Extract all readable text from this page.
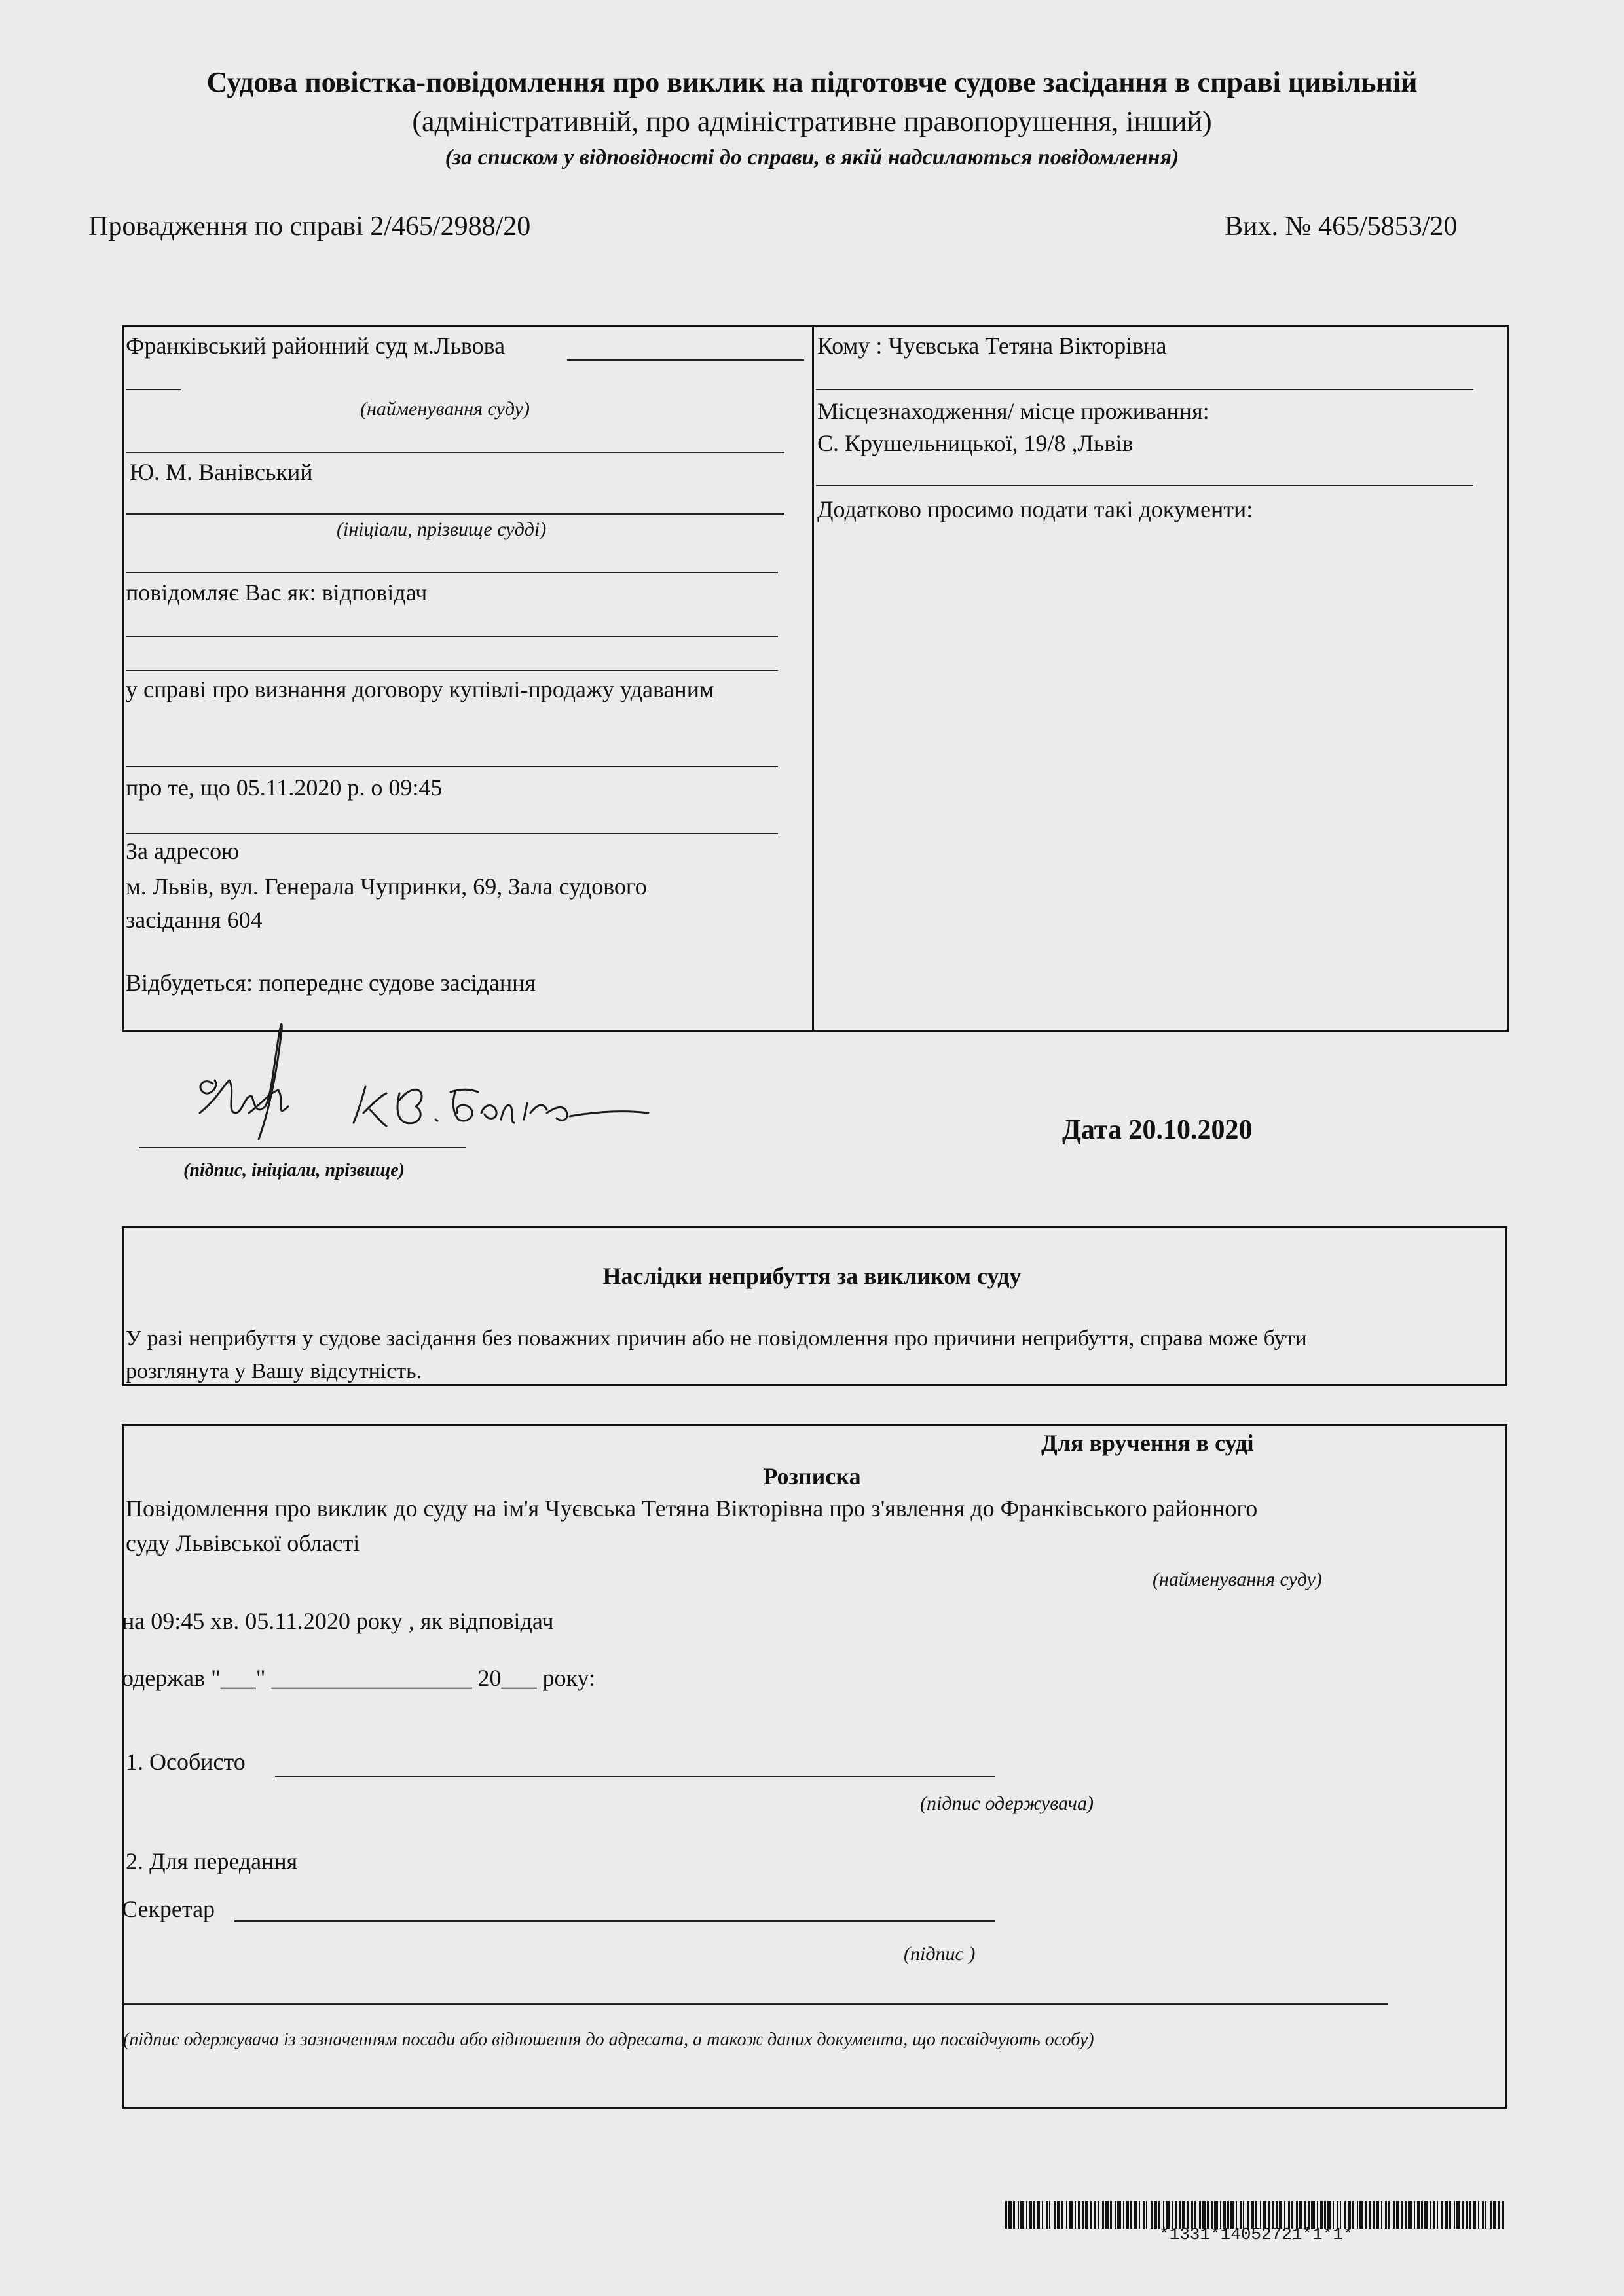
Судова повістка-повідомлення про виклик на підготовче судове засідання в справі цивільній
(адміністративній, про адміністративне правопорушення, інший)
(за списком у відповідності до справи, в якій надсилаються повідомлення)
Провадження по справі 2/465/2988/20	Вих. № 465/5853/20
Франківський районний суд м.Львова
(найменування суду)
Ю. М. Ванівський
(ініціали, прізвище судді)
повідомляє Вас як: відповідач
у справі про визнання договору купівлі-продажу удаваним
про те, що 05.11.2020 р. о 09:45
За адресою
м. Львів, вул. Генерала Чупринки, 69, Зала судового
засідання 604
Відбудеться: попереднє судове засідання
Кому : Чуєвська Тетяна Вікторівна
Місцезнаходження/ місце проживання:
С. Крушельницької, 19/8 ,Львів
Додатково просимо подати такі документи:
(підпис, ініціали, прізвище)
Дата 20.10.2020
Наслідки неприбуття за викликом суду
У разі неприбуття у судове засідання без поважних причин або не повідомлення про причини неприбуття, справа може бути
розглянута у Вашу відсутність.
Для вручення в суді
Розписка
Повідомлення про виклик до суду на ім'я Чуєвська Тетяна Вікторівна про з'явлення до Франківського районного
суду Львівської області
(найменування суду)
на 09:45 хв. 05.11.2020 року , як відповідач
одержав "___" _________________ 20___ року:
1. Особисто
(підпис одержувача)
2. Для передання
Секретар
(підпис )
(підпис одержувача із зазначенням посади або відношення до адресата, а також даних документа, що посвідчують особу)
*1331*14052721*1*1*
